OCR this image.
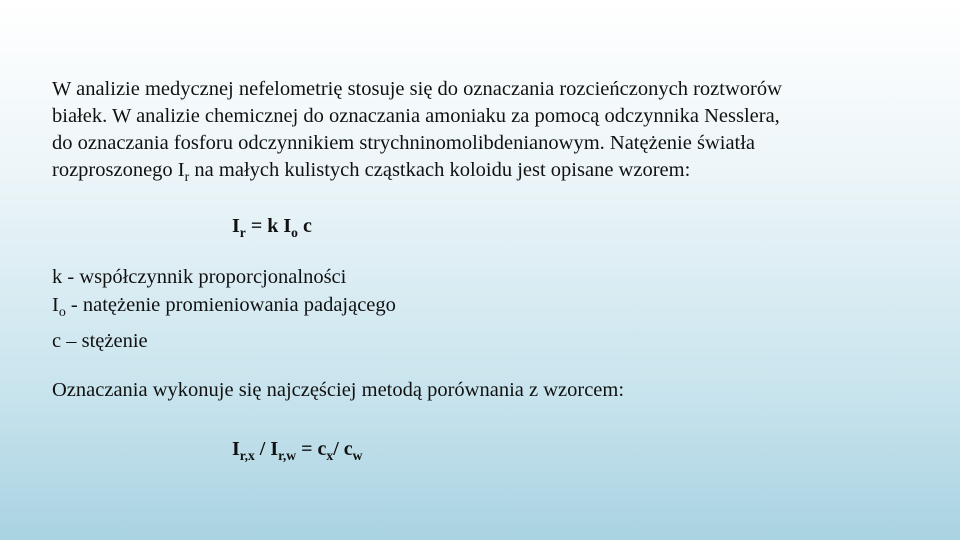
W analizie medycznej nefelometrię stosuje się do oznaczania rozcieńczonych roztworów
białek. W analizie chemicznej do oznaczania amoniaku za pomocą odczynnika Nesslera,
do oznaczania fosforu odczynnikiem strychninomolibdenianowym. Natężenie światła
rozproszonego $I_r$ na małych kulistych cząstkach koloidu jest opisane wzorem:
$I_r = k$ $I_o$ c
k - współczynnik proporcjonalności
$I_o$ - natężenie promieniowania padającego
c – stężenie
Oznaczania wykonuje się najczęściej metodą porównania z wzorcem:
$I_{r,x} / I_{r,w} = c_x/$ $c_w$
